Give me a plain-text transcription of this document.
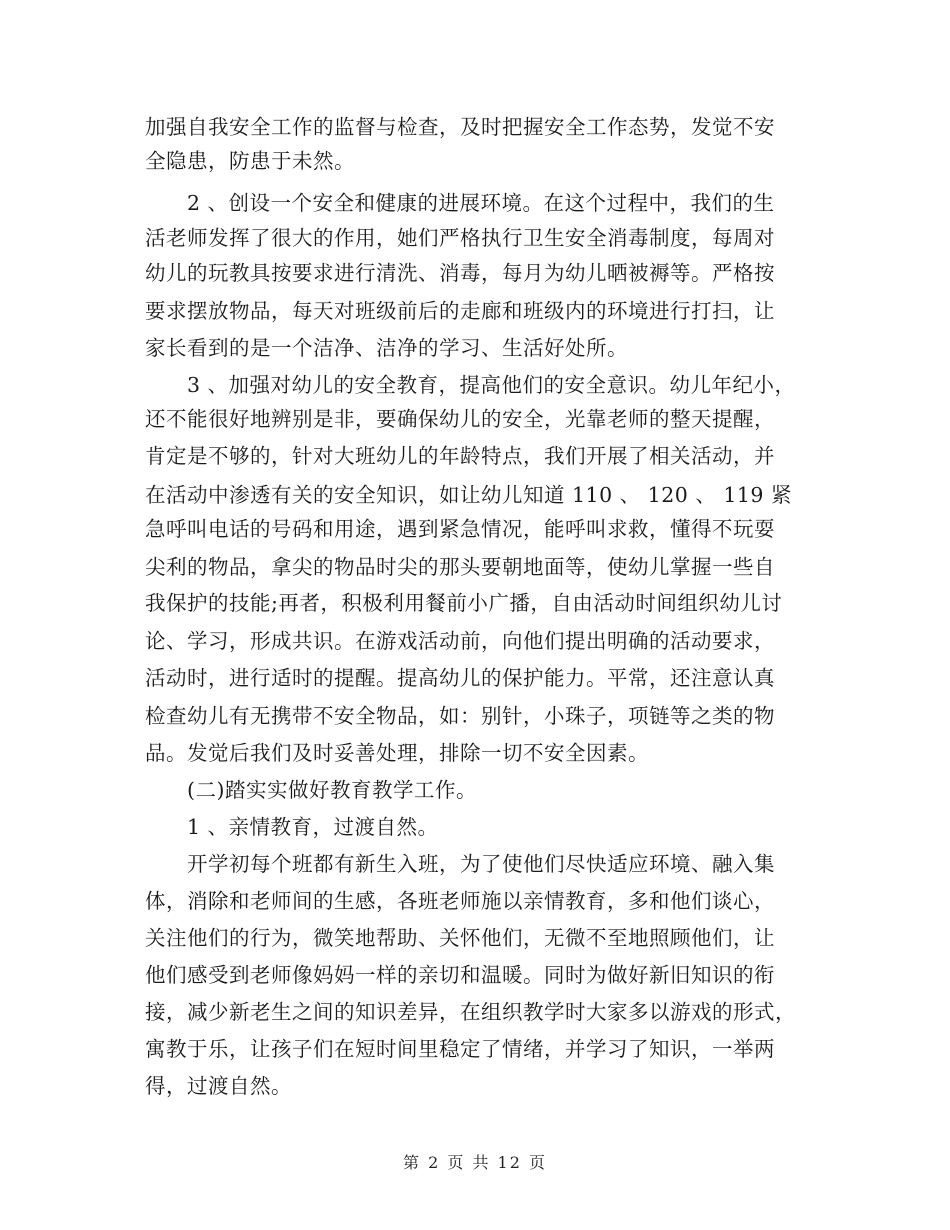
加强自我安全工作的监督与检查，及时把握安全工作态势，发觉不安
全隐患，防患于未然。
2 、创设一个安全和健康的进展环境。在这个过程中，我们的生
活老师发挥了很大的作用，她们严格执行卫生安全消毒制度，每周对
幼儿的玩教具按要求进行清洗、消毒，每月为幼儿晒被褥等。严格按
要求摆放物品，每天对班级前后的走廊和班级内的环境进行打扫，让
家长看到的是一个洁净、洁净的学习、生活好处所。
3 、加强对幼儿的安全教育，提高他们的安全意识。幼儿年纪小，
还不能很好地辨别是非，要确保幼儿的安全，光靠老师的整天提醒，
肯定是不够的，针对大班幼儿的年龄特点，我们开展了相关活动，并
在活动中渗透有关的安全知识，如让幼儿知道 110 、 120 、 119 紧
急呼叫电话的号码和用途，遇到紧急情况，能呼叫求救，懂得不玩耍
尖利的物品，拿尖的物品时尖的那头要朝地面等，使幼儿掌握一些自
我保护的技能;再者，积极利用餐前小广播，自由活动时间组织幼儿讨
论、学习，形成共识。在游戏活动前，向他们提出明确的活动要求，
活动时，进行适时的提醒。提高幼儿的保护能力。平常，还注意认真
检查幼儿有无携带不安全物品，如：别针，小珠子，项链等之类的物
品。发觉后我们及时妥善处理，排除一切不安全因素。
(二)踏实实做好教育教学工作。
1 、亲情教育，过渡自然。
开学初每个班都有新生入班，为了使他们尽快适应环境、融入集
体，消除和老师间的生感，各班老师施以亲情教育，多和他们谈心，
关注他们的行为，微笑地帮助、关怀他们，无微不至地照顾他们，让
他们感受到老师像妈妈一样的亲切和温暖。同时为做好新旧知识的衔
接，减少新老生之间的知识差异，在组织教学时大家多以游戏的形式，
寓教于乐，让孩子们在短时间里稳定了情绪，并学习了知识，一举两
得，过渡自然。
第 2 页 共 12 页
